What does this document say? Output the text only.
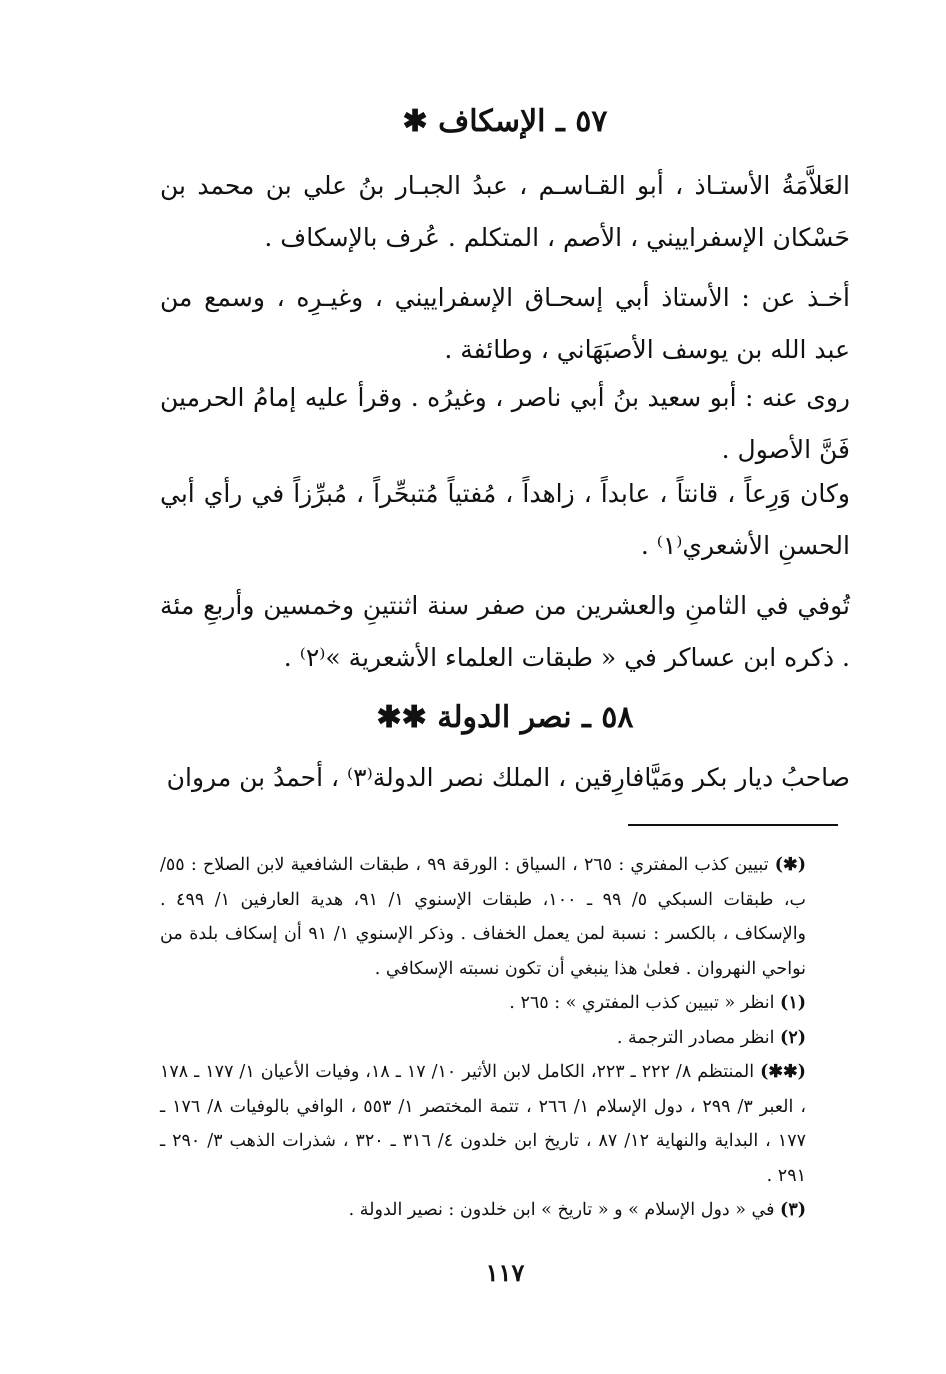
٥٧ ـ الإسكاف ✱

العَلاَّمَةُ الأستـاذ ، أبو القـاسـم ، عبدُ الجبـار بنُ علي بن محمد بن حَسْكان الإسفراييني ، الأصم ، المتكلم . عُرف بالإسكاف .

أخـذ عن : الأستاذ أبي إسحـاق الإسفراييني ، وغيـرِه ، وسمع من عبد الله بن يوسف الأصبَهَاني ، وطائفة .

روى عنه : أبو سعيد بنُ أبي ناصر ، وغيرُه . وقرأ عليه إمامُ الحرمين فَنَّ الأصول .

وكان وَرِعاً ، قانتاً ، عابداً ، زاهداً ، مُفتياً مُتبحِّراً ، مُبرِّزاً في رأي أبي الحسنِ الأشعري⁽١⁾ .

تُوفي في الثامنِ والعشرين من صفر سنة اثنتينِ وخمسين وأربعِ مئة . ذكره ابن عساكر في « طبقات العلماء الأشعرية »⁽٢⁾ .

٥٨ ـ نصر الدولة ✱✱

صاحبُ ديار بكر ومَيَّافارِقين ، الملك نصر الدولة⁽٣⁾ ، أحمدُ بن مروان

(✱) تبيين كذب المفتري : ٢٦٥ ، السياق : الورقة ٩٩ ، طبقات الشافعية لابن الصلاح : ٥٥/ ب، طبقات السبكي ٥/ ٩٩ ـ ١٠٠، طبقات الإسنوي ١/ ٩١، هدية العارفين ١/ ٤٩٩ . والإسكاف ، بالكسر : نسبة لمن يعمل الخفاف . وذكر الإسنوي ١/ ٩١ أن إسكاف بلدة من نواحي النهروان . فعلىٰ هذا ينبغي أن تكون نسبته الإسكافي .

(١) انظر « تبيين كذب المفتري » : ٢٦٥ .

(٢) انظر مصادر الترجمة .

(✱✱) المنتظم ٨/ ٢٢٢ ـ ٢٢٣، الكامل لابن الأثير ١٠/ ١٧ ـ ١٨، وفيات الأعيان ١/ ١٧٧ ـ ١٧٨ ، العبر ٣/ ٢٩٩ ، دول الإسلام ١/ ٢٦٦ ، تتمة المختصر ١/ ٥٥٣ ، الوافي بالوفيات ٨/ ١٧٦ ـ ١٧٧ ، البداية والنهاية ١٢/ ٨٧ ، تاريخ ابن خلدون ٤/ ٣١٦ ـ ٣٢٠ ، شذرات الذهب ٣/ ٢٩٠ ـ ٢٩١ .

(٣) في « دول الإسلام » و « تاريخ » ابن خلدون : نصير الدولة .

١١٧
